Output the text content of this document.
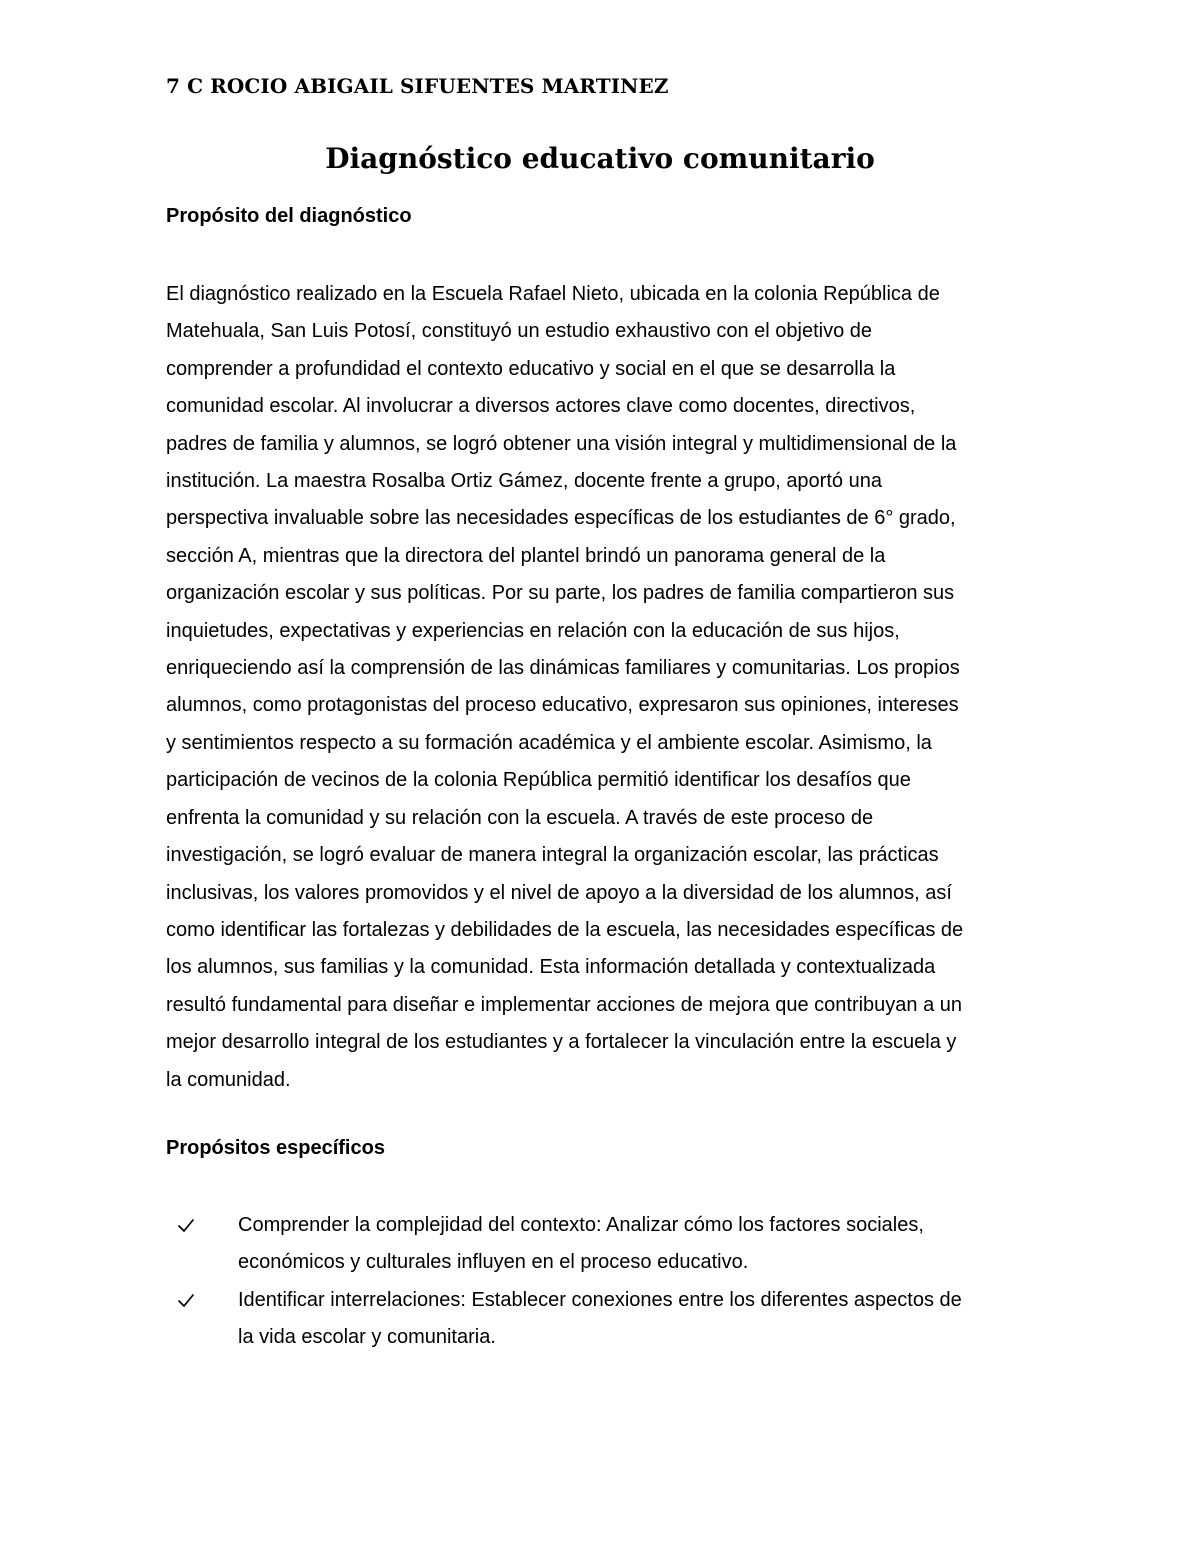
7 C ROCIO ABIGAIL SIFUENTES MARTINEZ

Diagnóstico educativo comunitario
Propósito del diagnóstico

El diagnóstico realizado en la Escuela Rafael Nieto, ubicada en la colonia República de
Matehuala, San Luis Potosí, constituyó un estudio exhaustivo con el objetivo de
comprender a profundidad el contexto educativo y social en el que se desarrolla la
comunidad escolar. Al involucrar a diversos actores clave como docentes, directivos,
padres de familia y alumnos, se logró obtener una visión integral y multidimensional de la
institución. La maestra Rosalba Ortiz Gámez, docente frente a grupo, aportó una
perspectiva invaluable sobre las necesidades específicas de los estudiantes de 6° grado,
sección A, mientras que la directora del plantel brindó un panorama general de la
organización escolar y sus políticas. Por su parte, los padres de familia compartieron sus
inquietudes, expectativas y experiencias en relación con la educación de sus hijos,
enriqueciendo así la comprensión de las dinámicas familiares y comunitarias. Los propios
alumnos, como protagonistas del proceso educativo, expresaron sus opiniones, intereses
y sentimientos respecto a su formación académica y el ambiente escolar. Asimismo, la
participación de vecinos de la colonia República permitió identificar los desafíos que
enfrenta la comunidad y su relación con la escuela. A través de este proceso de
investigación, se logró evaluar de manera integral la organización escolar, las prácticas
inclusivas, los valores promovidos y el nivel de apoyo a la diversidad de los alumnos, así
como identificar las fortalezas y debilidades de la escuela, las necesidades específicas de
los alumnos, sus familias y la comunidad. Esta información detallada y contextualizada
resultó fundamental para diseñar e implementar acciones de mejora que contribuyan a un
mejor desarrollo integral de los estudiantes y a fortalecer la vinculación entre la escuela y
la comunidad.

Propósitos específicos
Comprender la complejidad del contexto: Analizar cómo los factores sociales,
económicos y culturales influyen en el proceso educativo.
Identificar interrelaciones: Establecer conexiones entre los diferentes aspectos de
la vida escolar y comunitaria.
